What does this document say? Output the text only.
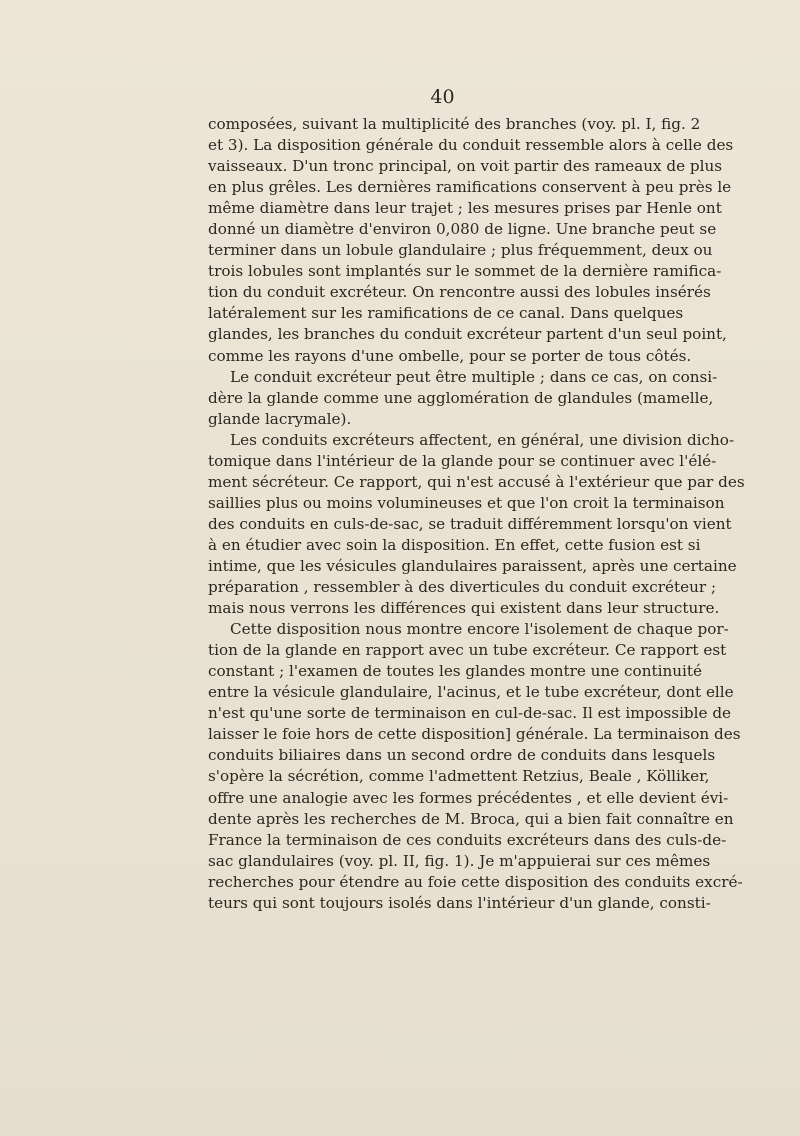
40
composées, suivant la multiplicité des branches (voy. pl. I, fig. 2
et 3). La disposition générale du conduit ressemble alors à celle des
vaisseaux. D'un tronc principal, on voit partir des rameaux de plus
en plus grêles. Les dernières ramifications conservent à peu près le
même diamètre dans leur trajet ; les mesures prises par Henle ont
donné un diamètre d'environ 0,080 de ligne. Une branche peut se
terminer dans un lobule glandulaire ; plus fréquemment, deux ou
trois lobules sont implantés sur le sommet de la dernière ramifica-
tion du conduit excréteur. On rencontre aussi des lobules insérés
latéralement sur les ramifications de ce canal. Dans quelques
glandes, les branches du conduit excréteur partent d'un seul point,
comme les rayons d'une ombelle, pour se porter de tous côtés.
Le conduit excréteur peut être multiple ; dans ce cas, on consi-
dère la glande comme une agglomération de glandules (mamelle,
glande lacrymale).
Les conduits excréteurs affectent, en général, une division dicho-
tomique dans l'intérieur de la glande pour se continuer avec l'élé-
ment sécréteur. Ce rapport, qui n'est accusé à l'extérieur que par des
saillies plus ou moins volumineuses et que l'on croit la terminaison
des conduits en culs-de-sac, se traduit différemment lorsqu'on vient
à en étudier avec soin la disposition. En effet, cette fusion est si
intime, que les vésicules glandulaires paraissent, après une certaine
préparation , ressembler à des diverticules du conduit excréteur ;
mais nous verrons les différences qui existent dans leur structure.
Cette disposition nous montre encore l'isolement de chaque por-
tion de la glande en rapport avec un tube excréteur. Ce rapport est
constant ; l'examen de toutes les glandes montre une continuité
entre la vésicule glandulaire, l'acinus, et le tube excréteur, dont elle
n'est qu'une sorte de terminaison en cul-de-sac. Il est impossible de
laisser le foie hors de cette disposition] générale. La terminaison des
conduits biliaires dans un second ordre de conduits dans lesquels
s'opère la sécrétion, comme l'admettent Retzius, Beale , Kölliker,
offre une analogie avec les formes précédentes , et elle devient évi-
dente après les recherches de M. Broca, qui a bien fait connaître en
France la terminaison de ces conduits excréteurs dans des culs-de-
sac glandulaires (voy. pl. II, fig. 1). Je m'appuierai sur ces mêmes
recherches pour étendre au foie cette disposition des conduits excré-
teurs qui sont toujours isolés dans l'intérieur d'un glande, consti-
